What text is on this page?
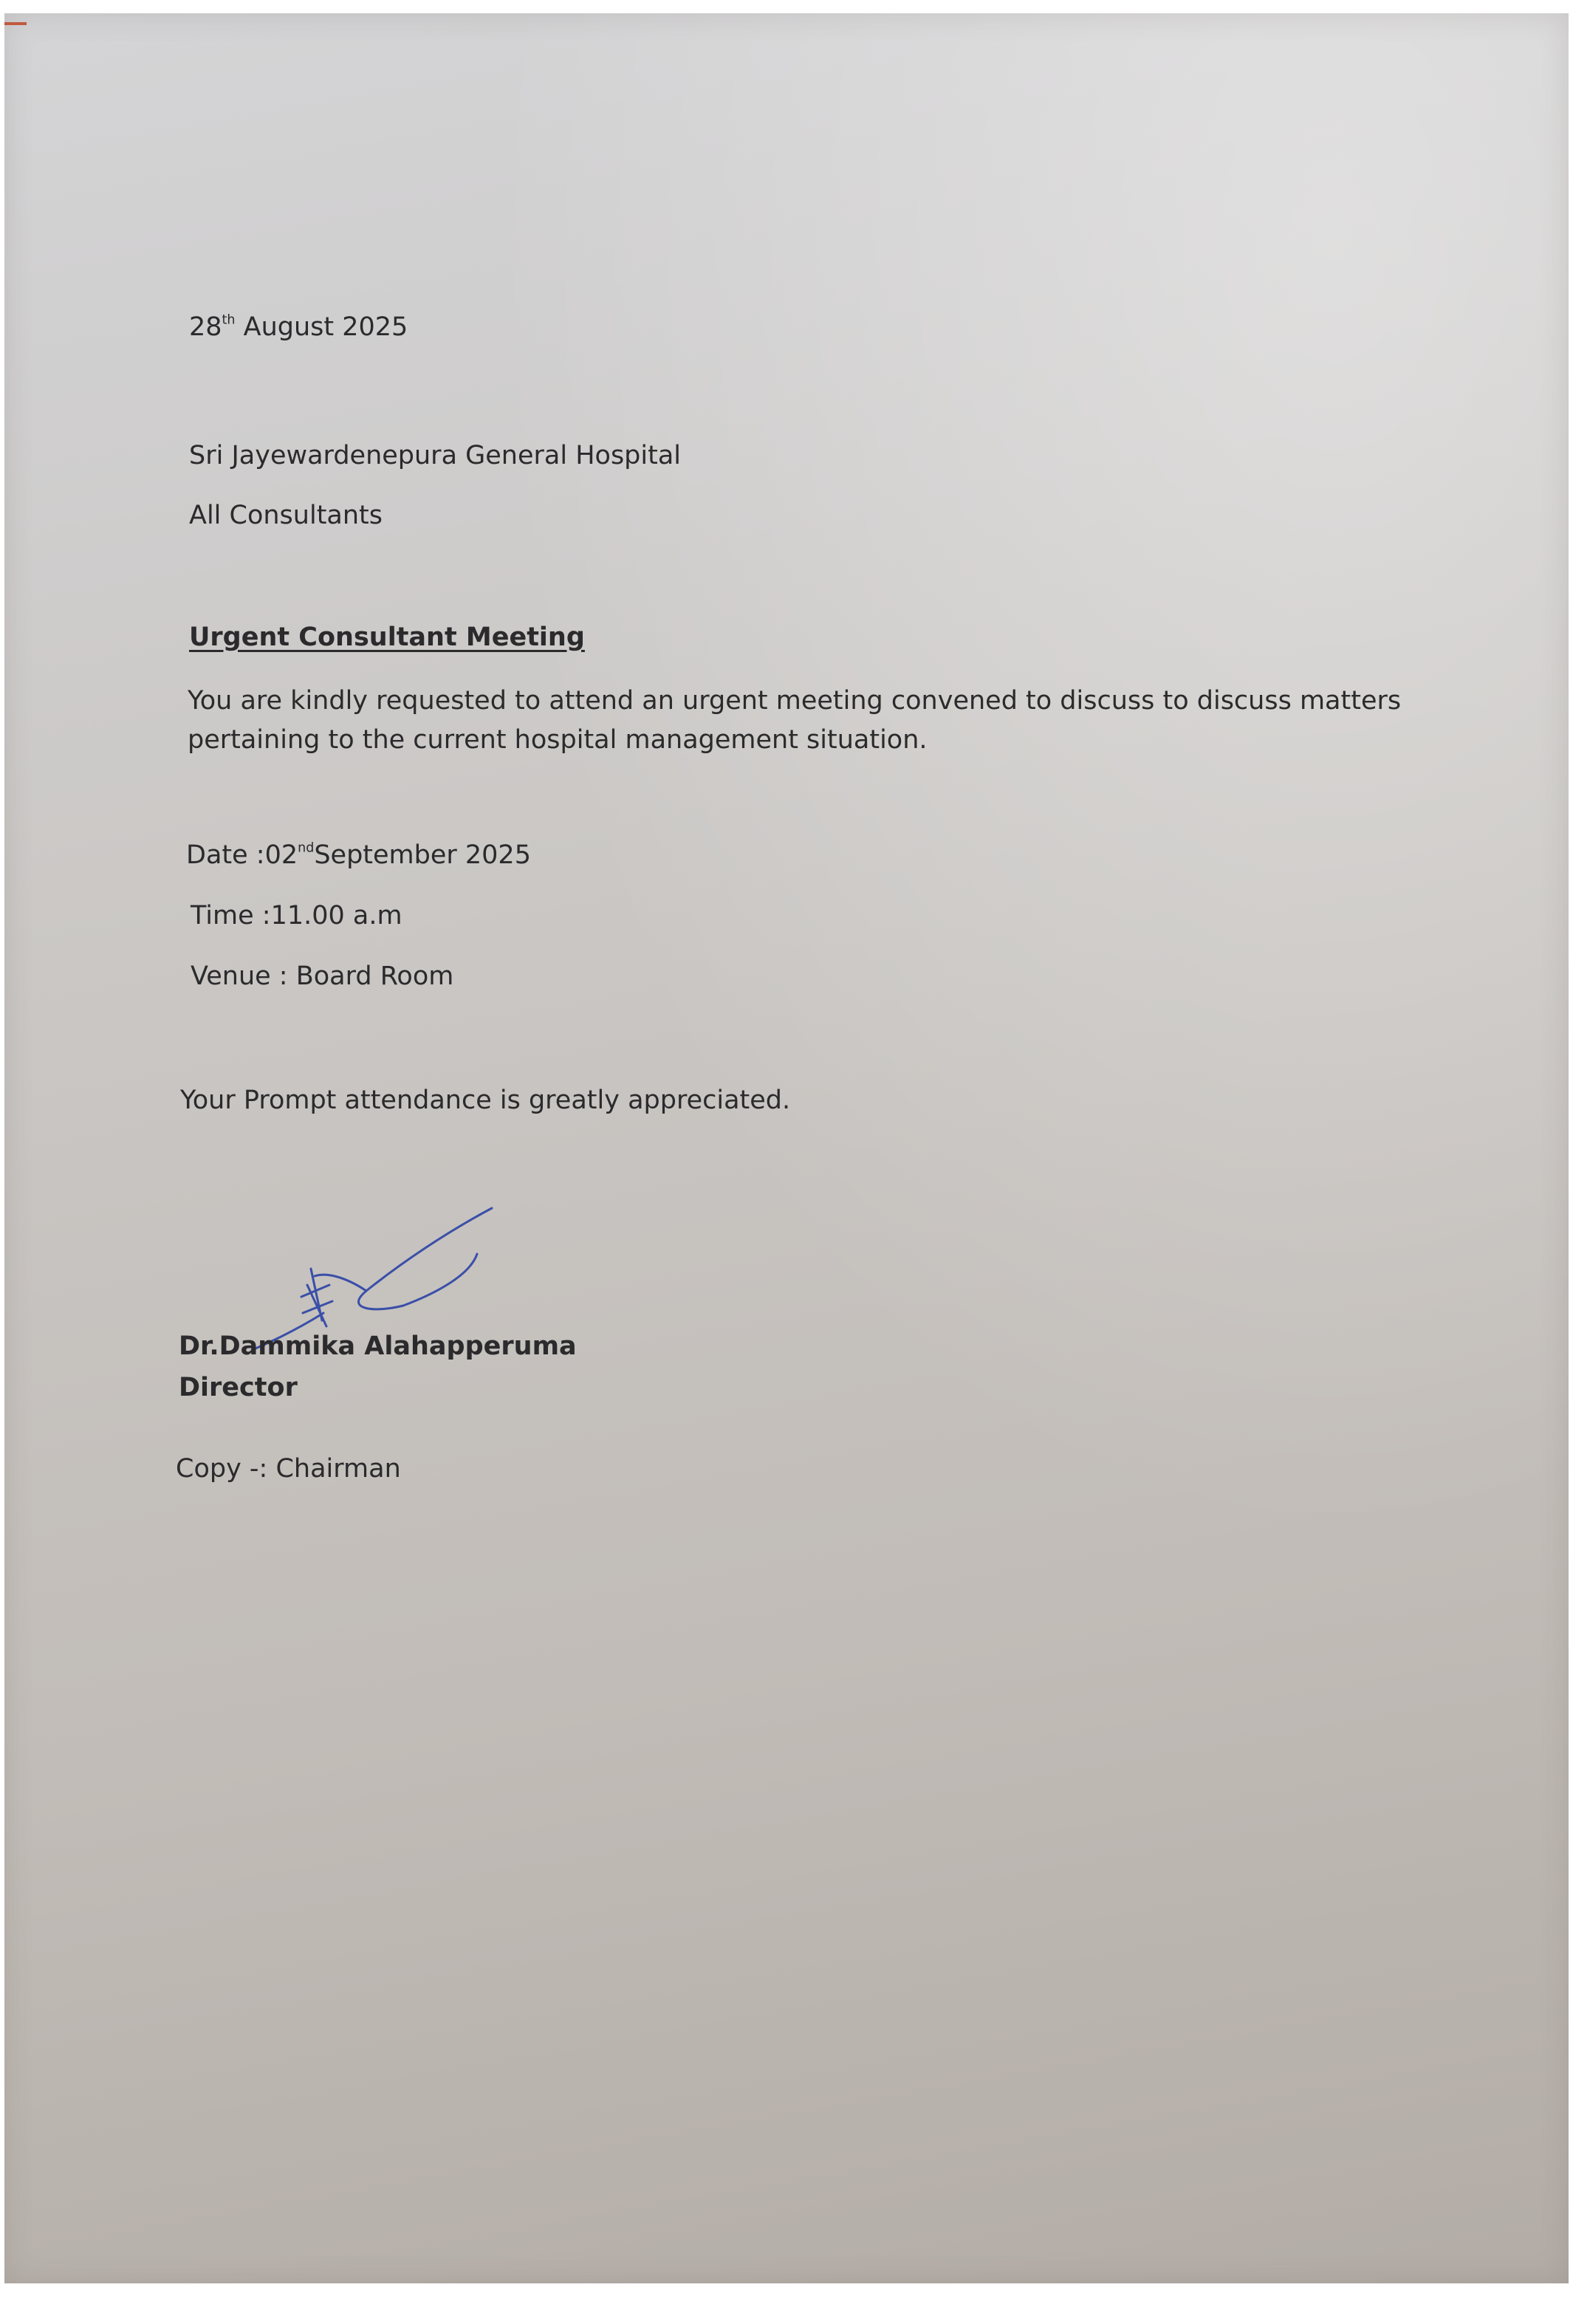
28th August 2025

Sri Jayewardenepura General Hospital

All Consultants

Urgent Consultant Meeting

You are kindly requested to attend an urgent meeting convened to discuss to discuss matters pertaining to the current hospital management situation.

Date :02ndSeptember 2025

Time :11.00 a.m

Venue : Board Room

Your Prompt attendance is greatly appreciated.

Dr.Dammika Alahapperuma

Director

Copy -: Chairman
